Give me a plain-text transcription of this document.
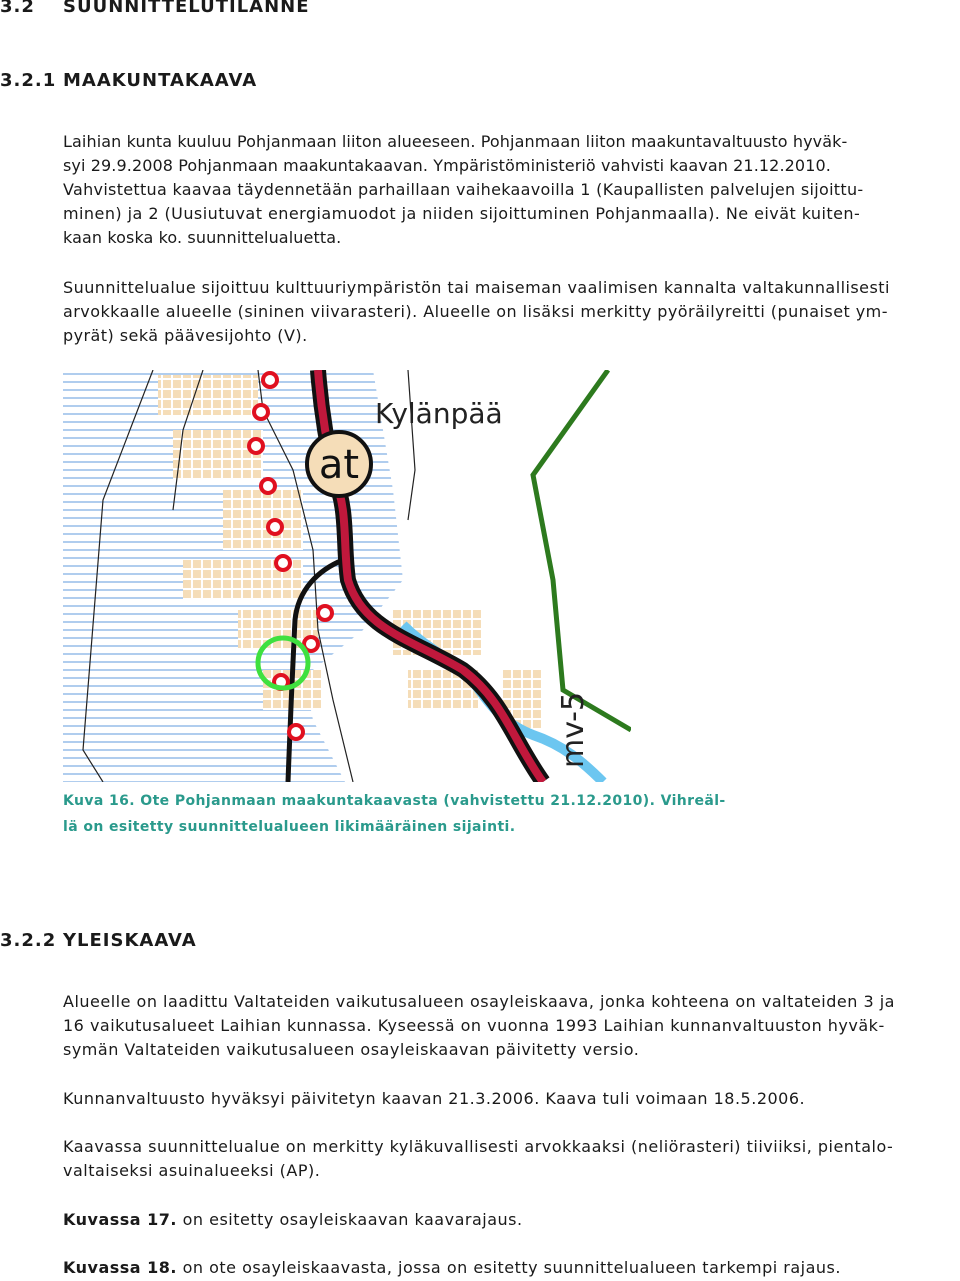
3.2 SUUNNITTELUTILANNE
3.2.1 MAAKUNTAKAAVA
Laihian kunta kuuluu Pohjanmaan liiton alueeseen. Pohjanmaan liiton maakuntavaltuusto hyväk-
syi 29.9.2008 Pohjanmaan maakuntakaavan. Ympäristöministeriö vahvisti kaavan 21.12.2010.
Vahvistettua kaavaa täydennetään parhaillaan vaihekaavoilla 1 (Kaupallisten palvelujen sijoittu-
minen) ja 2 (Uusiutuvat energiamuodot ja niiden sijoittuminen Pohjanmaalla). Ne eivät kuiten-
kaan koska ko. suunnittelualuetta.
Suunnittelualue sijoittuu kulttuuriympäristön tai maiseman vaalimisen kannalta valtakunnallisesti
arvokkaalle alueelle (sininen viivarasteri). Alueelle on lisäksi merkitty pyöräilyreitti (punaiset ym-
pyrät) sekä päävesijohto (V).
at
Kylänpää
mv-5
Kuva 16. Ote Pohjanmaan maakuntakaavasta (vahvistettu 21.12.2010). Vihreäl-
lä on esitetty suunnittelualueen likimääräinen sijainti.
3.2.2 YLEISKAAVA
Alueelle on laadittu Valtateiden vaikutusalueen osayleiskaava, jonka kohteena on valtateiden 3 ja
16 vaikutusalueet Laihian kunnassa. Kyseessä on vuonna 1993 Laihian kunnanvaltuuston hyväk-
symän Valtateiden vaikutusalueen osayleiskaavan päivitetty versio.
Kunnanvaltuusto hyväksyi päivitetyn kaavan 21.3.2006. Kaava tuli voimaan 18.5.2006.
Kaavassa suunnittelualue on merkitty kyläkuvallisesti arvokkaaksi (neliörasteri) tiiviiksi, pientalo-
valtaiseksi asuinalueeksi (AP).
Kuvassa 17. on esitetty osayleiskaavan kaavarajaus.
Kuvassa 18. on ote osayleiskaavasta, jossa on esitetty suunnittelualueen tarkempi rajaus.
